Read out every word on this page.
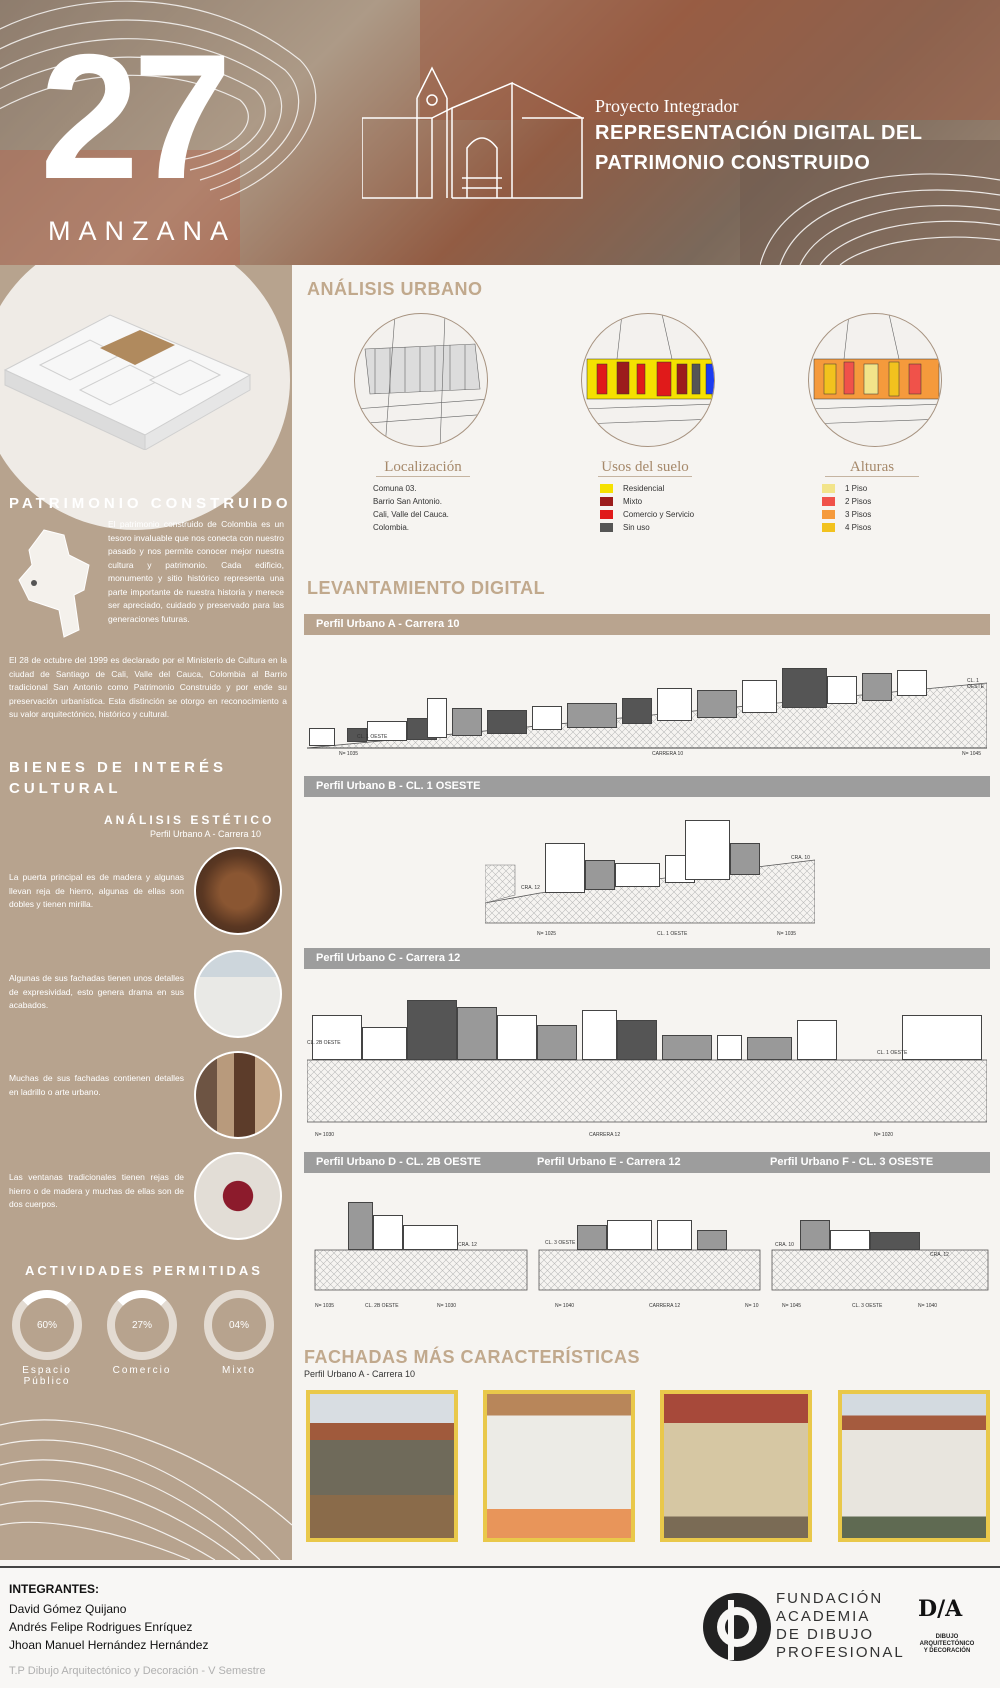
27
MANZANA
Proyecto Integrador
REPRESENTACIÓN DIGITAL DEL PATRIMONIO CONSTRUIDO
PATRIMONIO CONSTRUIDO
El patrimonio construido de Colombia es un tesoro invaluable que nos conecta con nuestro pasado y nos permite conocer mejor nuestra cultura y patrimonio. Cada edificio, monumento y sitio histórico representa una parte importante de nuestra historia y merece ser apreciado, cuidado y preservado para las generaciones futuras.
El 28 de octubre del 1999 es declarado por el Ministerio de Cultura en la ciudad de Santiago de Cali, Valle del Cauca, Colombia al Barrio tradicional San Antonio como Patrimonio Construido y por ende su preservación urbanística. Esta distinción se otorgo en reconocimiento a su valor arquitectónico, histórico y cultural.
BIENES DE INTERÉS CULTURAL
ANÁLISIS ESTÉTICO
Perfil Urbano A - Carrera 10
La puerta principal es de madera y algunas llevan reja de hierro, algunas de ellas son dobles y tienen mirilla.
Algunas de sus fachadas tienen unos detalles de expresividad, esto genera drama en sus acabados.
Muchas de sus fachadas contienen detalles en ladrillo o arte urbano.
Las ventanas tradicionales tienen rejas de hierro o de madera y muchas de ellas son de dos cuerpos.
ACTIVIDADES PERMITIDAS
60%	27%	04%
Espacio Público
Comercio	Mixto
ANÁLISIS URBANO
Localización
Comuna 03.
Barrio San Antonio.
Cali, Valle del Cauca.
Colombia.
Usos del suelo
Residencial
Mixto
Comercio y Servicio
Sin uso
Alturas
1 Piso
2 Pisos
3 Pisos
4 Pisos
LEVANTAMIENTO DIGITAL
Perfil Urbano A - Carrera 10
CL. 1 OESTE
N= 1035	CARRERA 10	N= 1045
CL. 1 OESTE
Perfil Urbano B - CL. 1 OSESTE
CRA. 12
CRA. 10
N= 1025	CL. 1 OESTE	N= 1035
Perfil Urbano C - Carrera 12
CL. 2B OESTE
CL. 1 OESTE
N= 1030	CARRERA 12	N= 1020
Perfil Urbano D - CL. 2B OESTE	Perfil Urbano E - Carrera 12	Perfil Urbano F - CL. 3 OSESTE
CRA. 12
N= 1035	CL. 2B OESTE	N= 1030
CL. 3 OESTE
N= 1040	CARRERA 12	N= 10
CRA. 10
CRA. 12
N= 1045	CL. 3 OESTE	N= 1040
FACHADAS MÁS CARACTERÍSTICAS
Perfil Urbano A - Carrera 10
INTEGRANTES:
David Gómez Quijano
Andrés Felipe Rodrigues Enríquez
Jhoan Manuel Hernández Hernández
T.P Dibujo Arquitectónico y Decoración - V Semestre
FUNDACIÓN
ACADEMIA
DE DIBUJO
PROFESIONAL
D/A
DIBUJO
ARQUITECTÓNICO
Y DECORACIÓN
